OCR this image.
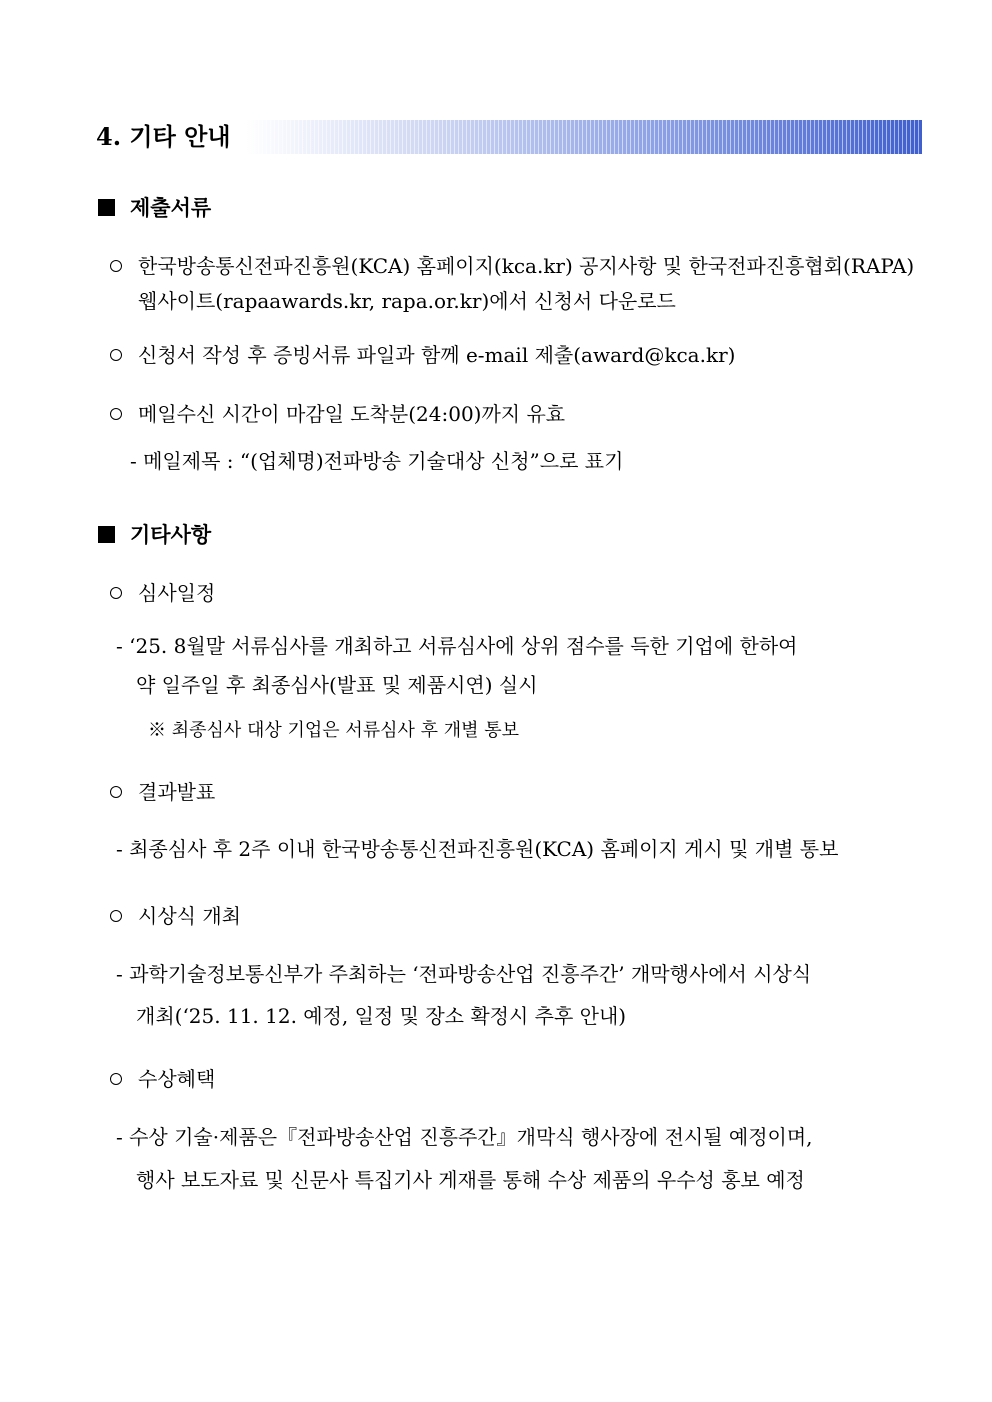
4. 기타 안내
제출서류
한국방송통신전파진흥원(KCA) 홈페이지(kca.kr) 공지사항 및 한국전파진흥협회(RAPA)
웹사이트(rapaawards.kr, rapa.or.kr)에서 신청서 다운로드
신청서 작성 후 증빙서류 파일과 함께 e-mail 제출(award@kca.kr)
메일수신 시간이 마감일 도착분(24:00)까지 유효
- 메일제목 : “(업체명)전파방송 기술대상 신청”으로 표기
기타사항
심사일정
- ‘25. 8월말 서류심사를 개최하고 서류심사에 상위 점수를 득한 기업에 한하여
약 일주일 후 최종심사(발표 및 제품시연) 실시
※ 최종심사 대상 기업은 서류심사 후 개별 통보
결과발표
- 최종심사 후 2주 이내 한국방송통신전파진흥원(KCA) 홈페이지 게시 및 개별 통보
시상식 개최
- 과학기술정보통신부가 주최하는 ‘전파방송산업 진흥주간’ 개막행사에서 시상식
개최(‘25. 11. 12. 예정, 일정 및 장소 확정시 추후 안내)
수상혜택
- 수상 기술·제품은『전파방송산업 진흥주간』개막식 행사장에 전시될 예정이며,
행사 보도자료 및 신문사 특집기사 게재를 통해 수상 제품의 우수성 홍보 예정
